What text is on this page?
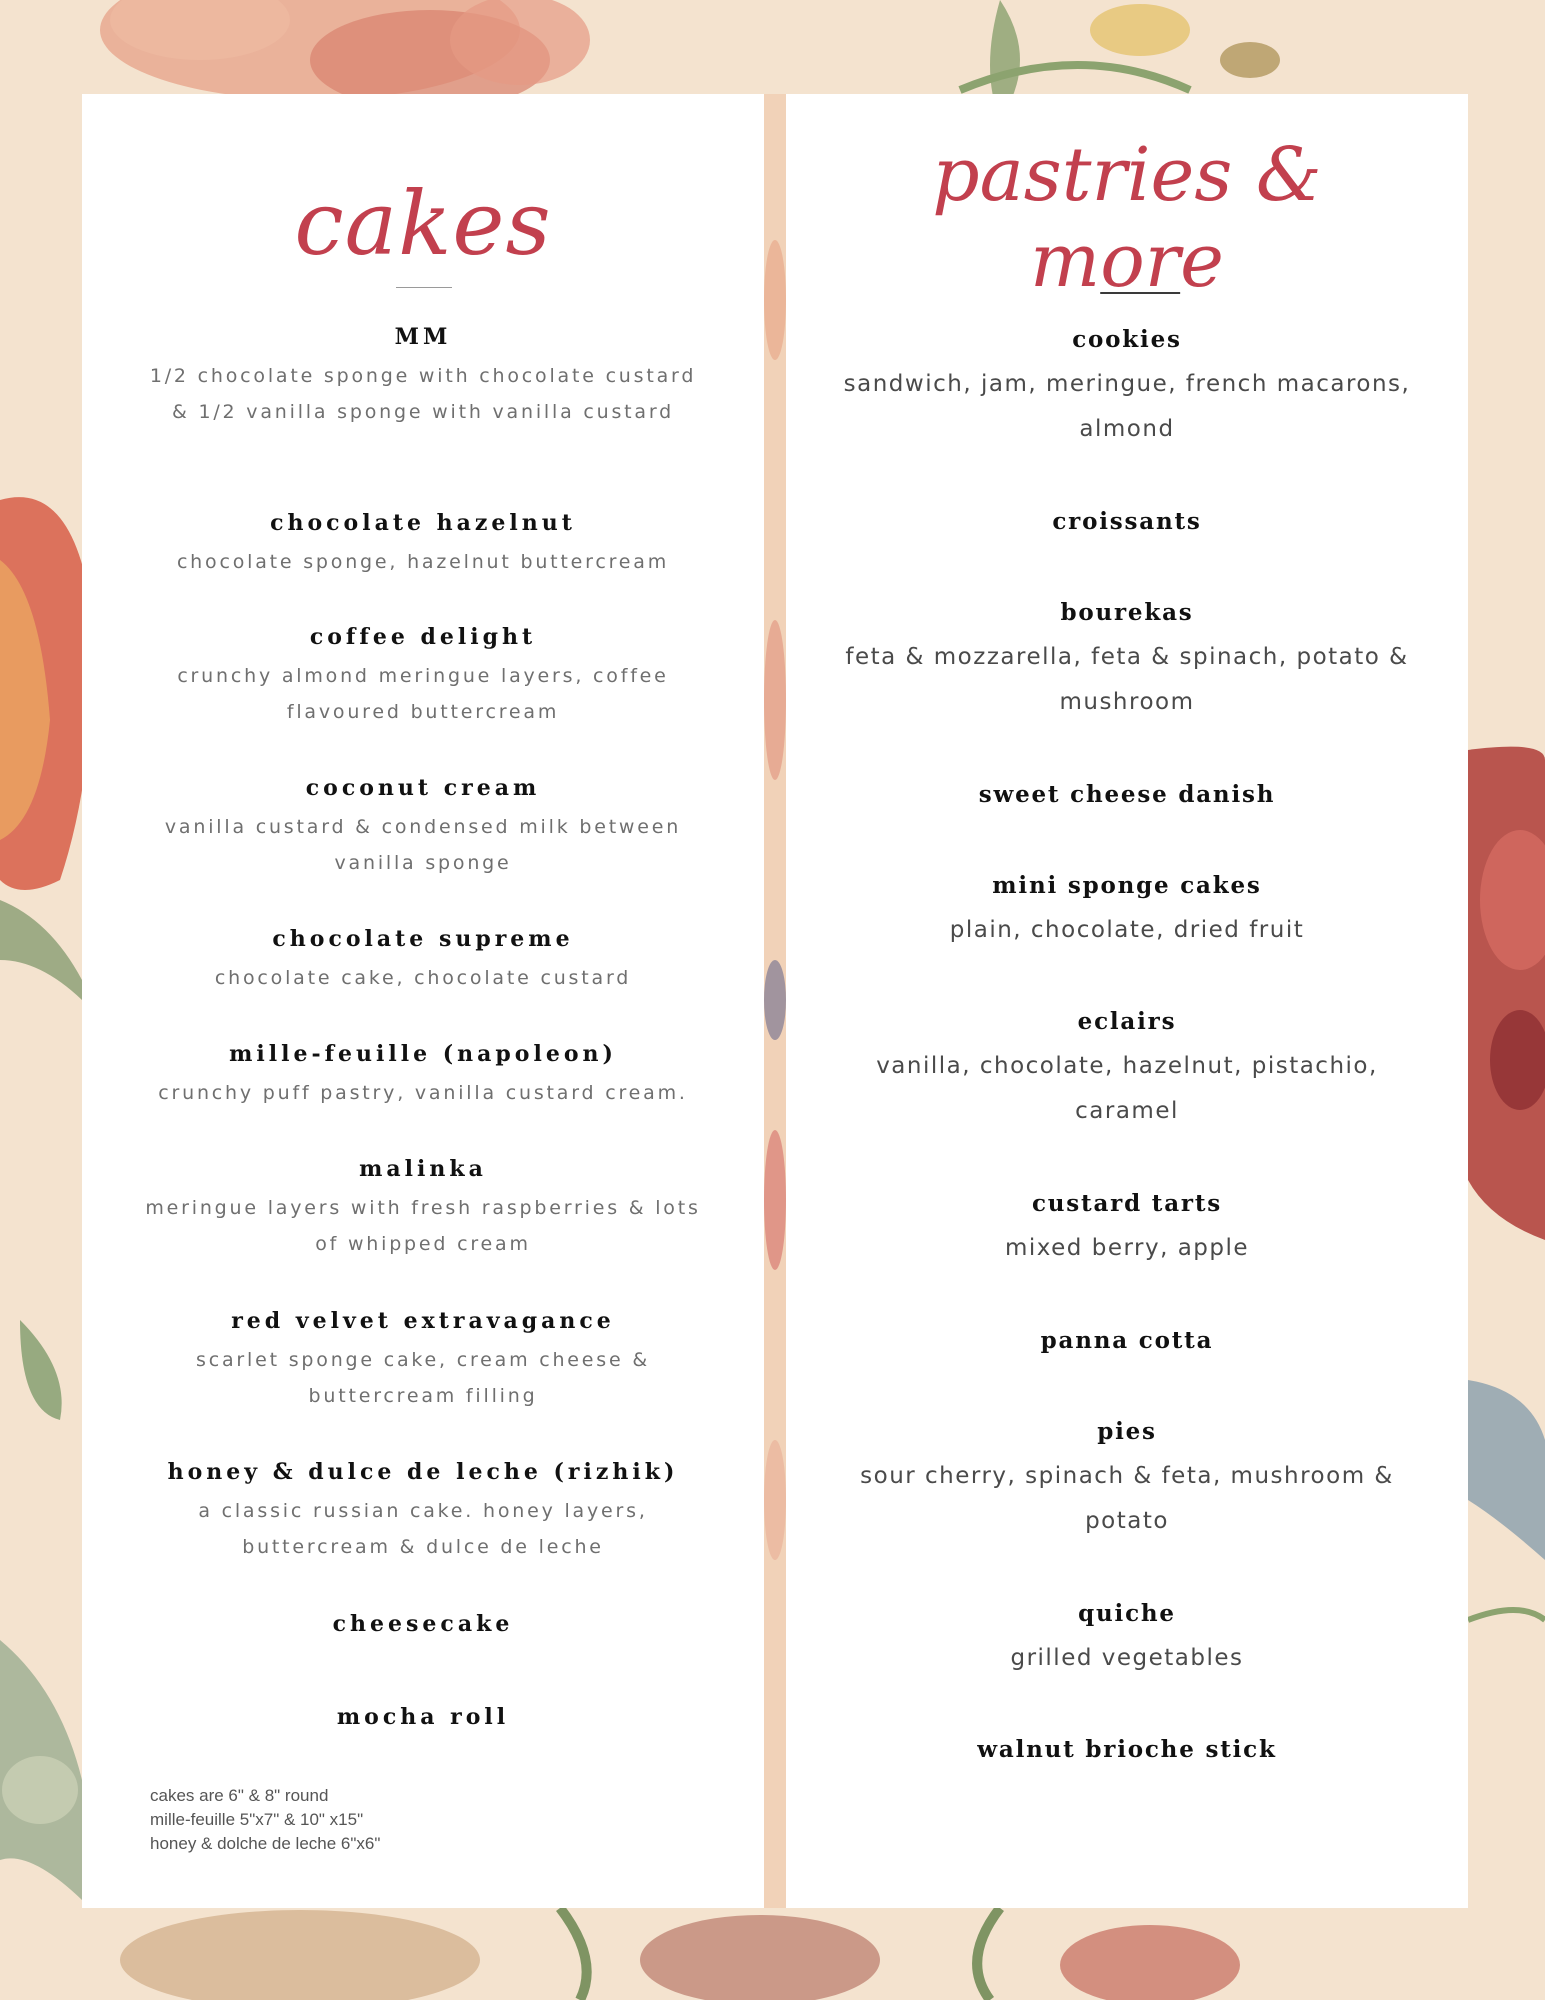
cakes
MM
1/2 chocolate sponge with chocolate custard & 1/2 vanilla sponge with vanilla custard
chocolate hazelnut
chocolate sponge, hazelnut buttercream
coffee delight
crunchy almond meringue layers, coffee flavoured buttercream
coconut cream
vanilla custard & condensed milk between vanilla sponge
chocolate supreme
chocolate cake, chocolate custard
mille-feuille (napoleon)
crunchy puff pastry, vanilla custard cream.
malinka
meringue layers with fresh raspberries & lots of whipped cream
red velvet extravagance
scarlet sponge cake, cream cheese & buttercream filling
honey & dulce de leche (rizhik)
a classic russian cake. honey layers, buttercream & dulce de leche
cheesecake
mocha roll
cakes are 6" & 8" round
mille-feuille 5"x7" & 10" x15"
honey & dolche de leche 6"x6"
pastries &
more
cookies
sandwich, jam, meringue, french macarons, almond
croissants
bourekas
feta & mozzarella, feta & spinach, potato & mushroom
sweet cheese danish
mini sponge cakes
plain, chocolate, dried fruit
eclairs
vanilla, chocolate, hazelnut, pistachio, caramel
custard tarts
mixed berry, apple
panna cotta
pies
sour cherry, spinach & feta, mushroom & potato
quiche
grilled vegetables
walnut brioche stick
